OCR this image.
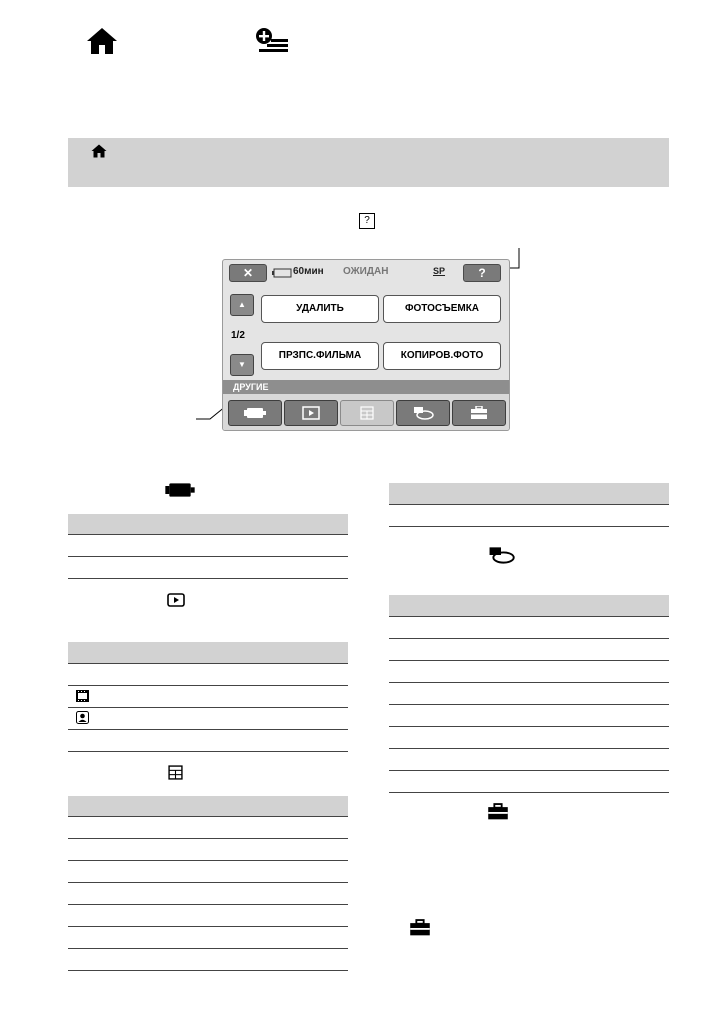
?
✕	60мин ОЖИДАН	SP	?
▲
1/2
▼
УДАЛИТЬ	ФОТОСЪЕМКА
ПРЗПС.ФИЛЬМА	КОПИРОВ.ФОТО
ДРУГИЕ
